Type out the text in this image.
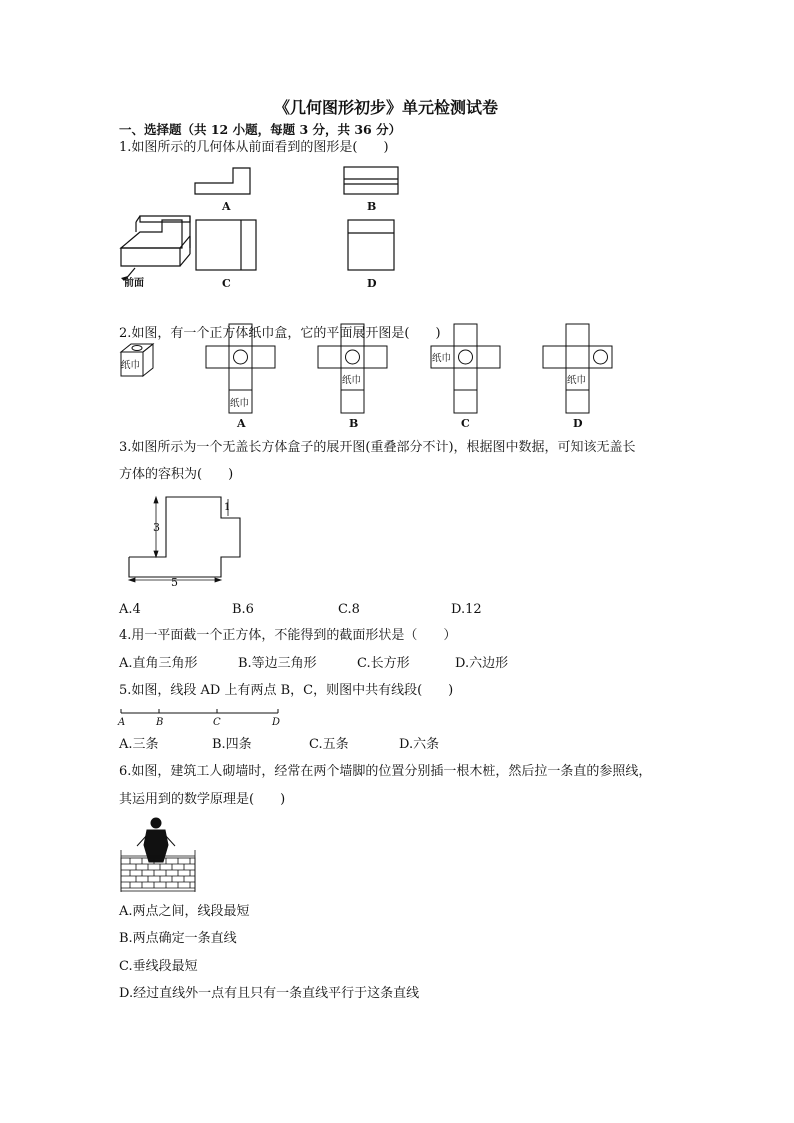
《几何图形初步》单元检测试卷
一、选择题（共 12 小题，每题 3 分，共 36 分）
1.如图所示的几何体从前面看到的图形是(　　)
前面
A	B
C	D
2.如图，有一个正方体纸巾盒，它的平面展开图是(　　)
纸巾
纸巾
纸巾
纸巾
纸巾
A	B	C	D
3.如图所示为一个无盖长方体盒子的展开图(重叠部分不计)，根据图中数据，可知该无盖长
方体的容积为(　　)
3
1
5
A.4	B.6	C.8	D.12
4.用一平面截一个正方体，不能得到的截面形状是（　　）
A.直角三角形	B.等边三角形	C.长方形	D.六边形
5.如图，线段 AD 上有两点 B，C，则图中共有线段(　　)
A	B	C	D
A.三条	B.四条	C.五条	D.六条
6.如图，建筑工人砌墙时，经常在两个墙脚的位置分别插一根木桩，然后拉一条直的参照线，
其运用到的数学原理是(　　)
A.两点之间，线段最短
B.两点确定一条直线
C.垂线段最短
D.经过直线外一点有且只有一条直线平行于这条直线
